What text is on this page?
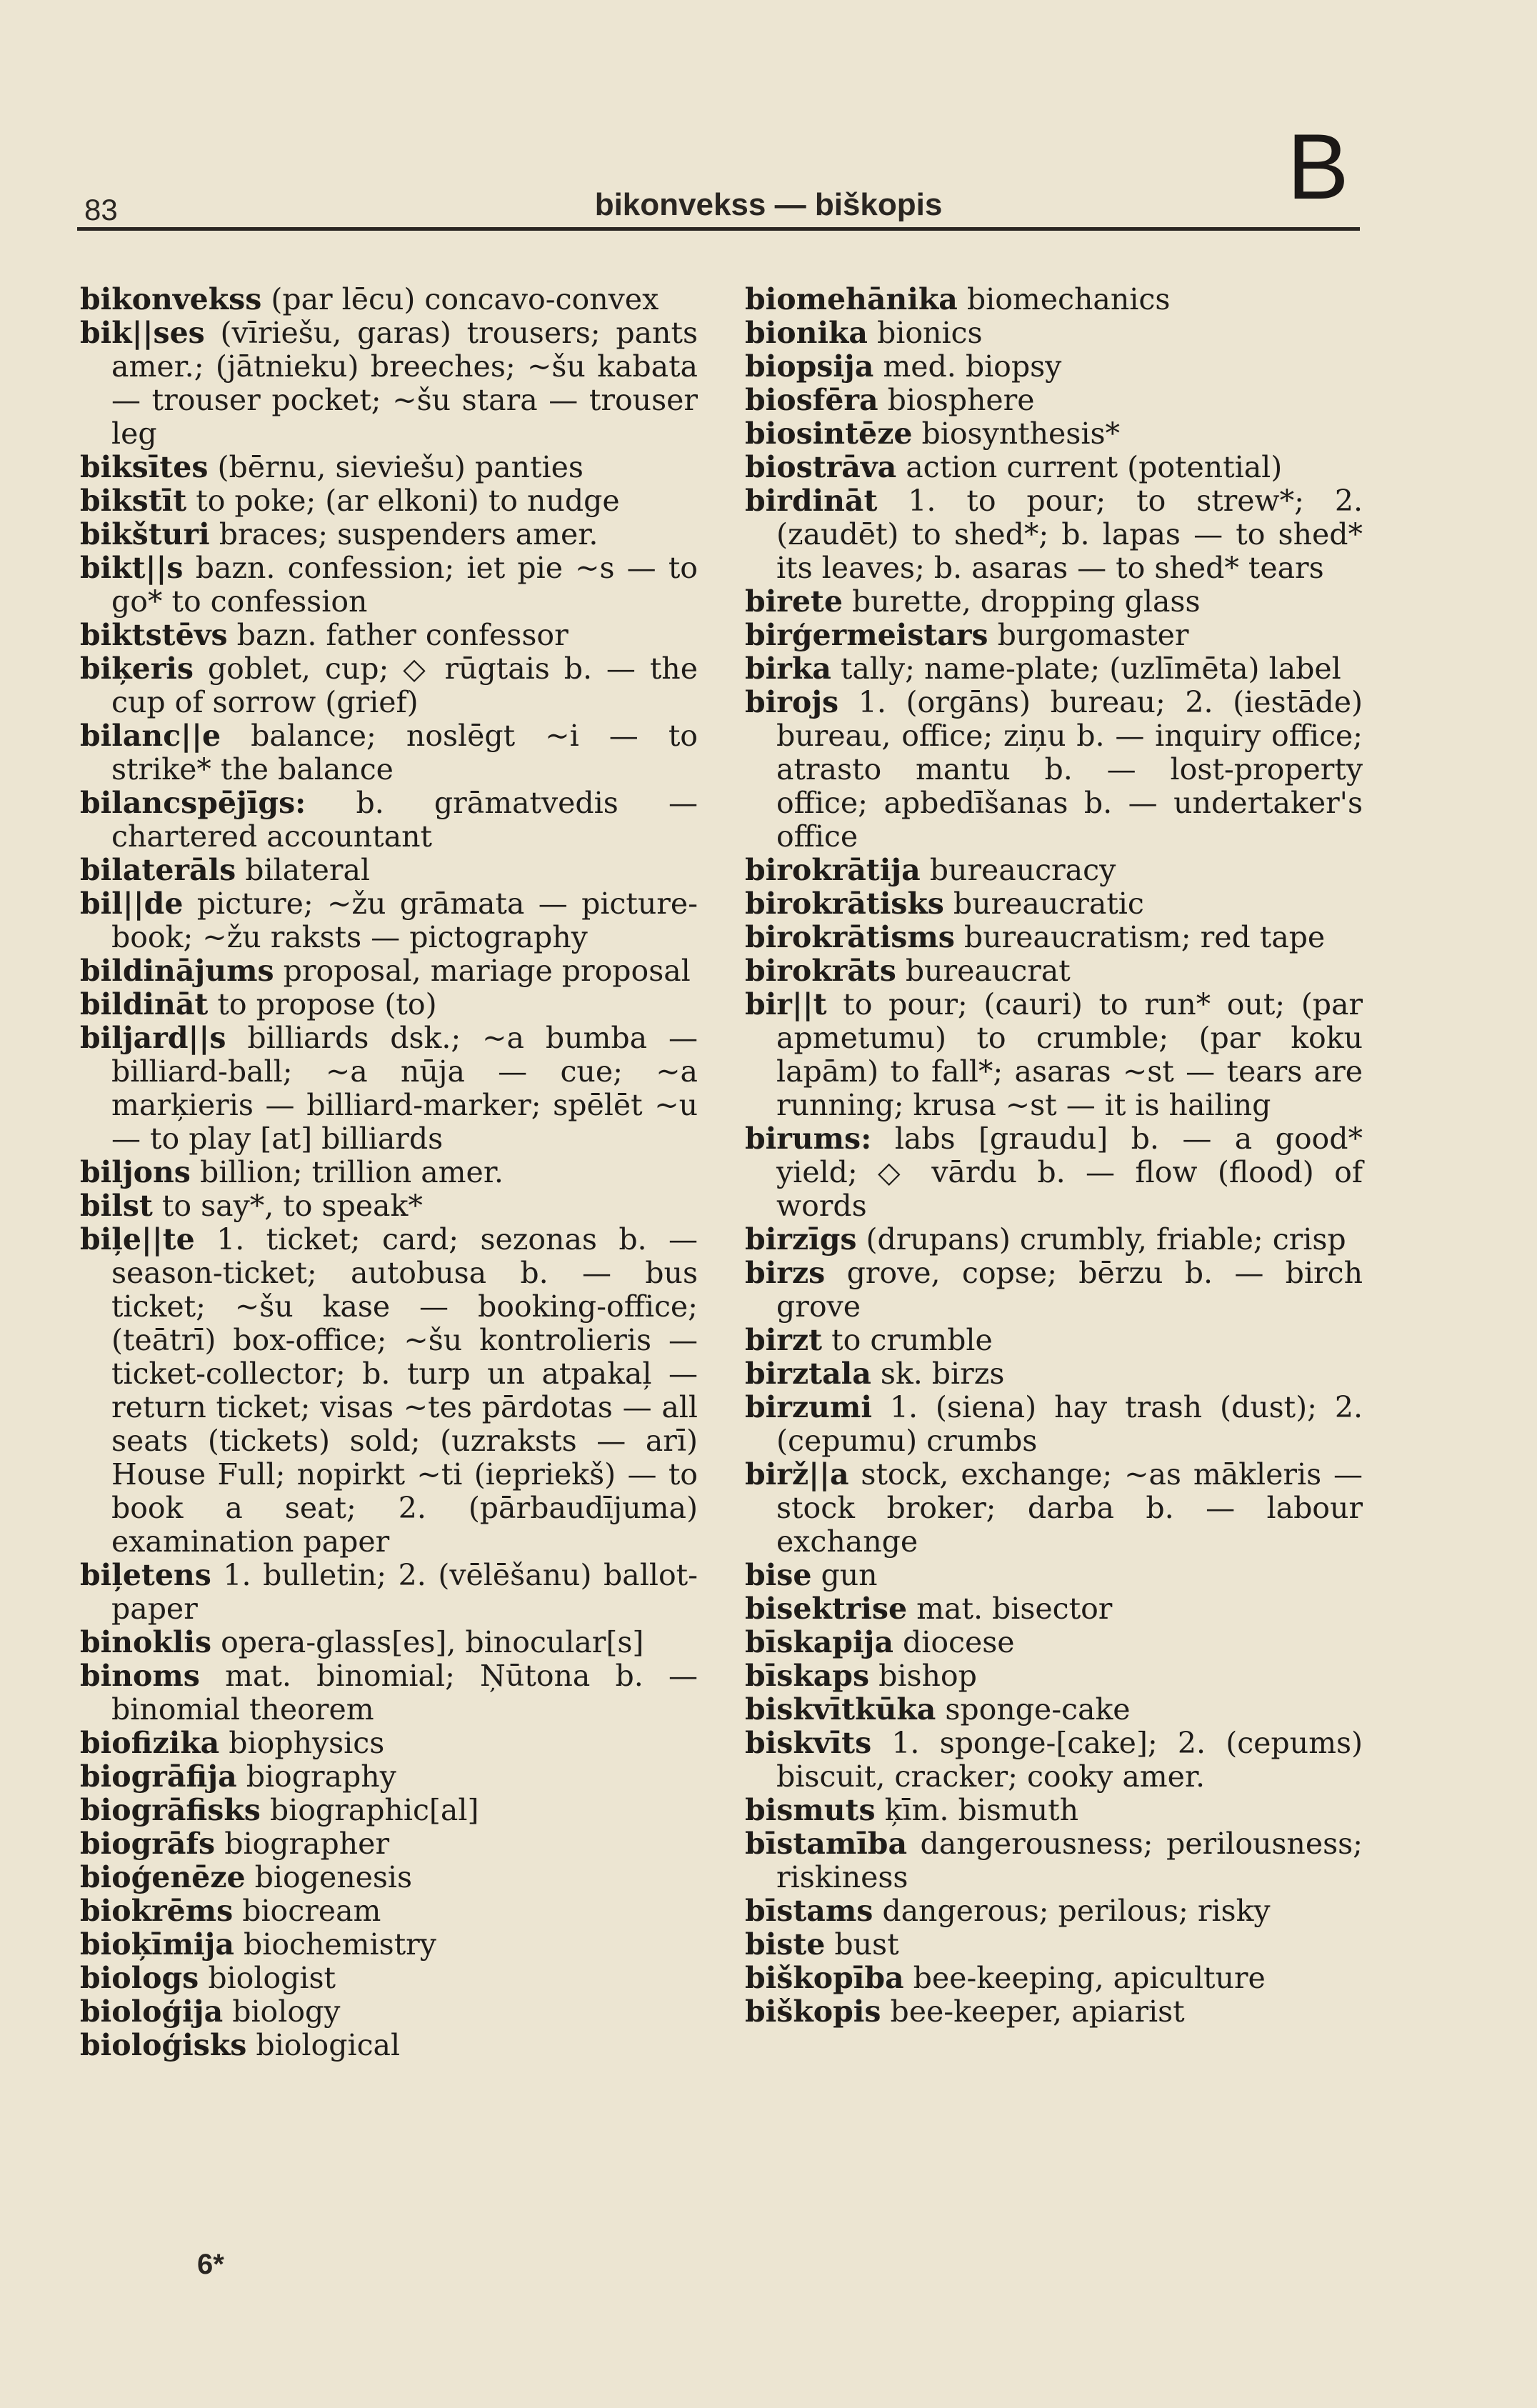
83	bikonvekss — biškopis	B

bikonvekss (par lēcu) concavo-convex

bik||ses (vīriešu, garas) trousers; pants amer.; (jātnieku) breeches; ~šu kabata — trouser pocket; ~šu stara — trouser leg

biksītes (bērnu, sieviešu) panties

bikstīt to poke; (ar elkoni) to nudge

bikšturi braces; suspenders amer.

bikt||s bazn. confession; iet pie ~s — to go* to confession

biktstēvs bazn. father confessor

biķeris goblet, cup; ◇ rūgtais b. — the cup of sorrow (grief)

bilanc||e balance; noslēgt ~i — to strike* the balance

bilancspējīgs: b. grāmatvedis — chartered accountant

bilaterāls bilateral

bil||de picture; ~žu grāmata — picture-book; ~žu raksts — pictography

bildinājums proposal, mariage proposal

bildināt to propose (to)

biljard||s billiards dsk.; ~a bumba — billiard-ball; ~a nūja — cue; ~a marķieris — billiard-marker; spēlēt ~u — to play [at] billiards

biljons billion; trillion amer.

bilst to say*, to speak*

biļe||te 1. ticket; card; sezonas b. — season-ticket; autobusa b. — bus ticket; ~šu kase — booking-office; (teātrī) box-office; ~šu kontrolieris — ticket-collector; b. turp un atpakaļ — return ticket; visas ~tes pārdotas — all seats (tickets) sold; (uzraksts — arī) House Full; nopirkt ~ti (iepriekš) — to book a seat; 2. (pārbaudījuma) examination paper

biļetens 1. bulletin; 2. (vēlēšanu) ballot-paper

binoklis opera-glass[es], binocular[s]

binoms mat. binomial; Ņūtona b. — binomial theorem

biofizika biophysics

biogrāfija biography

biogrāfisks biographic[al]

biogrāfs biographer

bioģenēze biogenesis

biokrēms biocream

bioķīmija biochemistry

biologs biologist

bioloģija biology

bioloģisks biological

biomehānika biomechanics

bionika bionics

biopsija med. biopsy

biosfēra biosphere

biosintēze biosynthesis*

biostrāva action current (potential)

birdināt 1. to pour; to strew*; 2. (zaudēt) to shed*; b. lapas — to shed* its leaves; b. asaras — to shed* tears

birete burette, dropping glass

birģermeistars burgomaster

birka tally; name-plate; (uzlīmēta) label

birojs 1. (orgāns) bureau; 2. (iestāde) bureau, office; ziņu b. — inquiry office; atrasto mantu b. — lost-property office; apbedīšanas b. — undertaker's office

birokrātija bureaucracy

birokrātisks bureaucratic

birokrātisms bureaucratism; red tape

birokrāts bureaucrat

bir||t to pour; (cauri) to run* out; (par apmetumu) to crumble; (par koku lapām) to fall*; asaras ~st — tears are running; krusa ~st — it is hailing

birums: labs [graudu] b. — a good* yield; ◇ vārdu b. — flow (flood) of words

birzīgs (drupans) crumbly, friable; crisp

birzs grove, copse; bērzu b. — birch grove

birzt to crumble

birztala sk. birzs

birzumi 1. (siena) hay trash (dust); 2. (cepumu) crumbs

birž||a stock, exchange; ~as mākleris — stock broker; darba b. — labour exchange

bise gun

bisektrise mat. bisector

bīskapija diocese

bīskaps bishop

biskvītkūka sponge-cake

biskvīts 1. sponge-[cake]; 2. (cepums) biscuit, cracker; cooky amer.

bismuts ķīm. bismuth

bīstamība dangerousness; perilousness; riskiness

bīstams dangerous; perilous; risky

biste bust

biškopība bee-keeping, apiculture

biškopis bee-keeper, apiarist

6*
